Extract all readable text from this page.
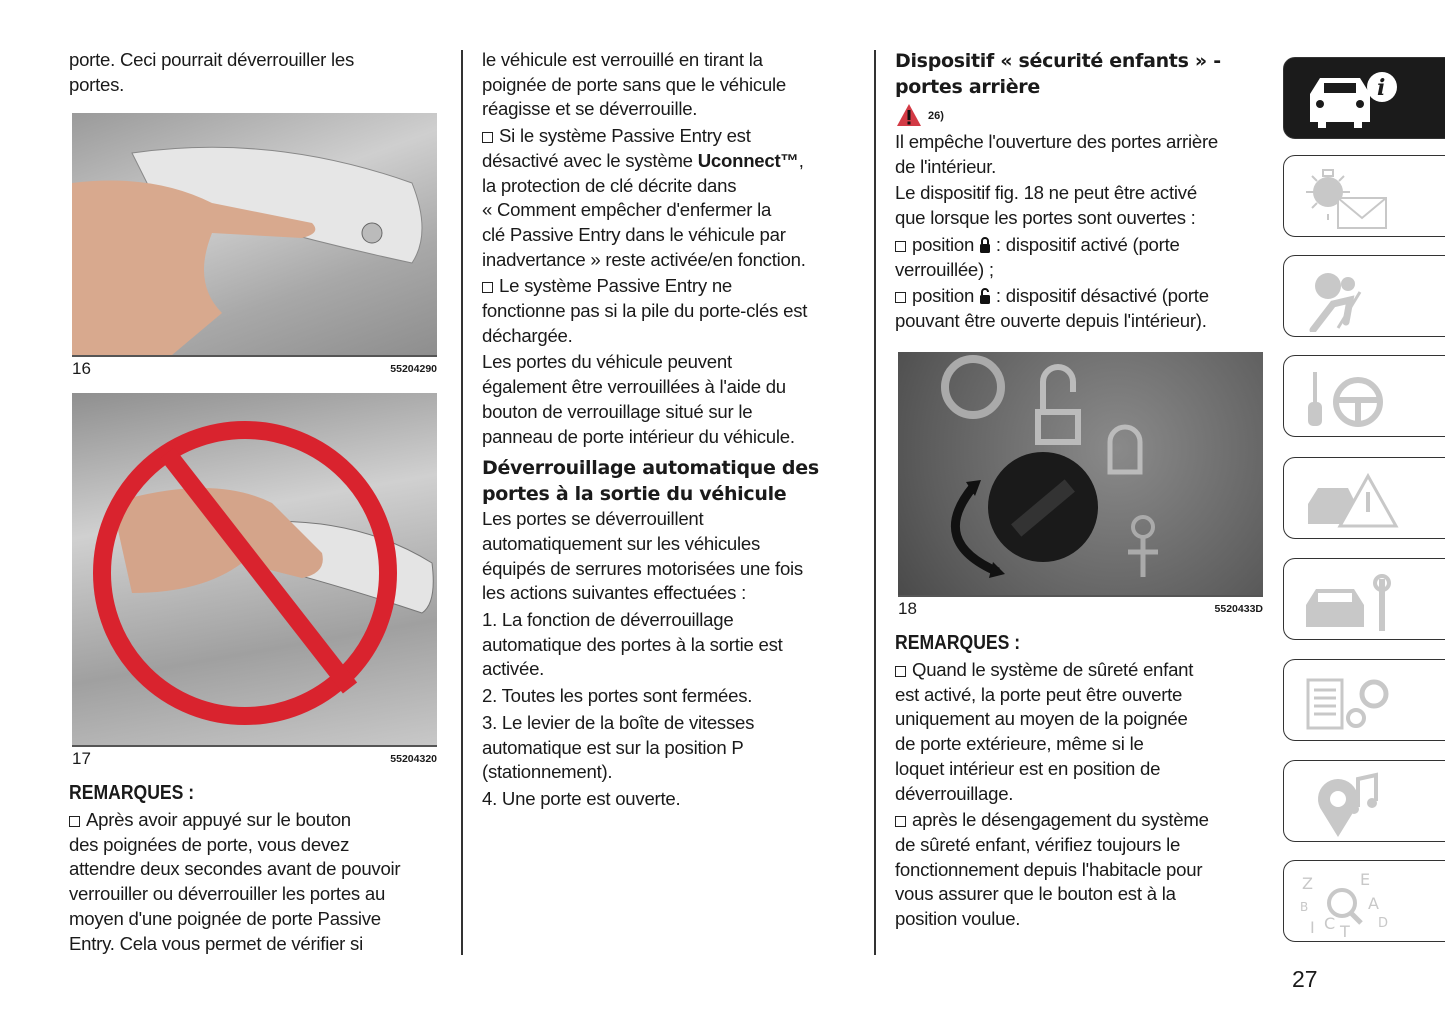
porte. Ceci pourrait déverrouiller les
portes.

16	55204290
17	55204320
REMARQUES :

Après avoir appuyé sur le bouton
des poignées de porte, vous devez
attendre deux secondes avant de pouvoir
verrouiller ou déverrouiller les portes au
moyen d'une poignée de porte Passive
Entry. Cela vous permet de vérifier si

le véhicule est verrouillé en tirant la
poignée de porte sans que le véhicule
réagisse et se déverrouille.

Si le système Passive Entry est
désactivé avec le système Uconnect™,
la protection de clé décrite dans
« Comment empêcher d'enfermer la
clé Passive Entry dans le véhicule par
inadvertance » reste activée/en fonction.

Le système Passive Entry ne
fonctionne pas si la pile du porte-clés est
déchargée.

Les portes du véhicule peuvent
également être verrouillées à l'aide du
bouton de verrouillage situé sur le
panneau de porte intérieur du véhicule.

Déverrouillage automatique des
portes à la sortie du véhicule

Les portes se déverrouillent
automatiquement sur les véhicules
équipés de serrures motorisées une fois
les actions suivantes effectuées :

1. La fonction de déverrouillage
automatique des portes à la sortie est
activée.

2. Toutes les portes sont fermées.

3. Le levier de la boîte de vitesses
automatique est sur la position P
(stationnement).

4. Une porte est ouverte.

Dispositif « sécurité enfants » -
portes arrière
26)

Il empêche l'ouverture des portes arrière
de l'intérieur.

Le dispositif fig. 18 ne peut être activé
que lorsque les portes sont ouvertes :

position  : dispositif activé (porte
verrouillée) ;

position  : dispositif désactivé (porte
pouvant être ouverte depuis l'intérieur).

18	5520433D
REMARQUES :

Quand le système de sûreté enfant
est activé, la porte peut être ouverte
uniquement au moyen de la poignée
de porte extérieure, même si le
loquet intérieur est en position de
déverrouillage.

après le désengagement du système
de sûreté enfant, vérifiez toujours le
fonctionnement depuis l'habitacle pour
vous assurer que le bouton est à la
position voulue.

i
Z
B
I C T
E
A
D
27
